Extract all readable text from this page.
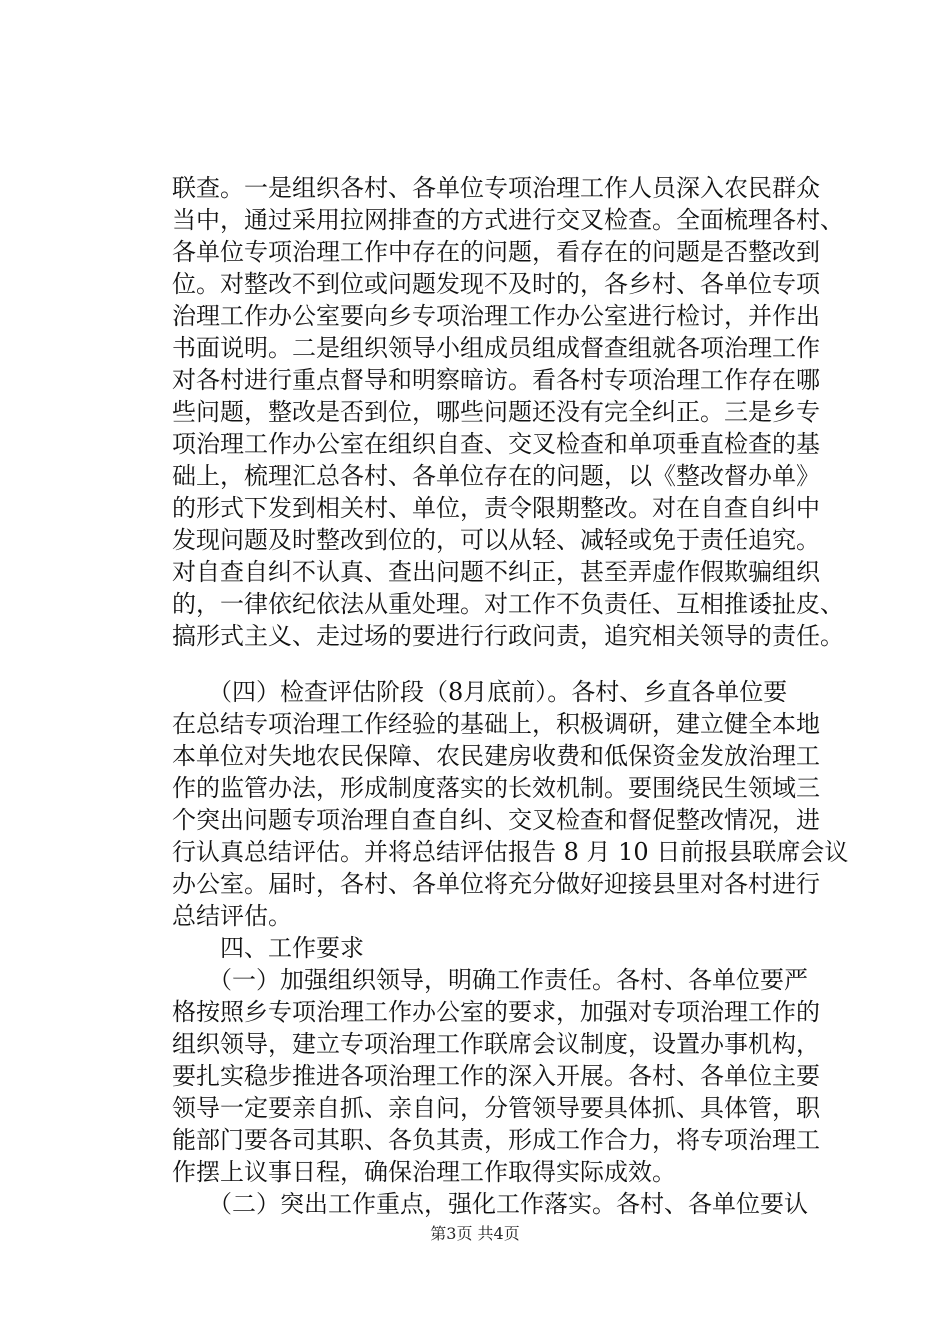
联查。一是组织各村、各单位专项治理工作人员深入农民群众
当中，通过采用拉网排查的方式进行交叉检查。全面梳理各村、
各单位专项治理工作中存在的问题，看存在的问题是否整改到
位。对整改不到位或问题发现不及时的，各乡村、各单位专项
治理工作办公室要向乡专项治理工作办公室进行检讨，并作出
书面说明。二是组织领导小组成员组成督查组就各项治理工作
对各村进行重点督导和明察暗访。看各村专项治理工作存在哪
些问题，整改是否到位，哪些问题还没有完全纠正。三是乡专
项治理工作办公室在组织自查、交叉检查和单项垂直检查的基
础上，梳理汇总各村、各单位存在的问题，以《整改督办单》
的形式下发到相关村、单位，责令限期整改。对在自查自纠中
发现问题及时整改到位的，可以从轻、减轻或免于责任追究。
对自查自纠不认真、查出问题不纠正，甚至弄虚作假欺骗组织
的，一律依纪依法从重处理。对工作不负责任、互相推诿扯皮、
搞形式主义、走过场的要进行行政问责，追究相关领导的责任。
　　（四）检查评估阶段（8月底前）。各村、乡直各单位要
在总结专项治理工作经验的基础上，积极调研，建立健全本地
本单位对失地农民保障、农民建房收费和低保资金发放治理工
作的监管办法，形成制度落实的长效机制。要围绕民生领域三
个突出问题专项治理自查自纠、交叉检查和督促整改情况，进
行认真总结评估。并将总结评估报告 8 月 10 日前报县联席会议
办公室。届时，各村、各单位将充分做好迎接县里对各村进行
总结评估。
　　四、工作要求
　　（一）加强组织领导，明确工作责任。各村、各单位要严
格按照乡专项治理工作办公室的要求，加强对专项治理工作的
组织领导，建立专项治理工作联席会议制度，设置办事机构，
要扎实稳步推进各项治理工作的深入开展。各村、各单位主要
领导一定要亲自抓、亲自问，分管领导要具体抓、具体管，职
能部门要各司其职、各负其责，形成工作合力，将专项治理工
作摆上议事日程，确保治理工作取得实际成效。
　　（二）突出工作重点，强化工作落实。各村、各单位要认
第3页 共4页
